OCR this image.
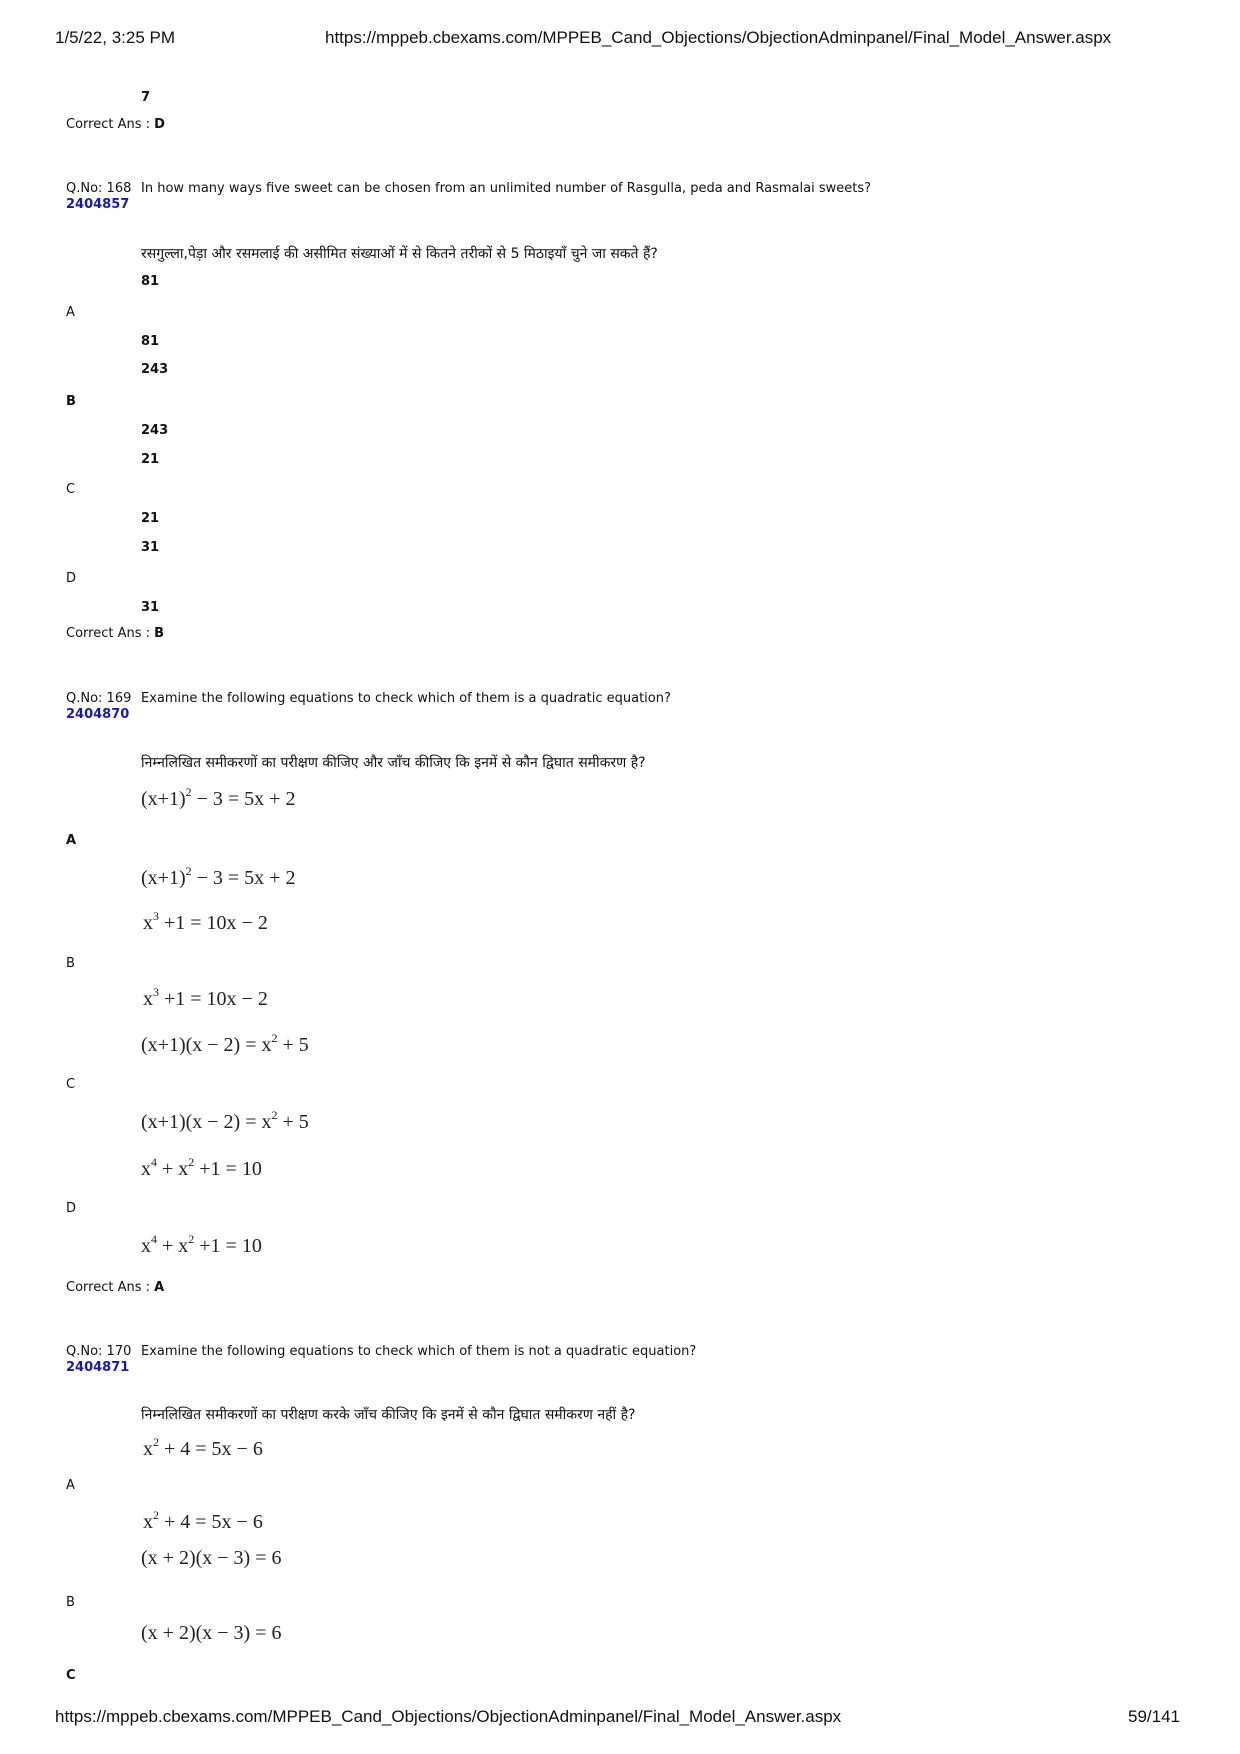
1/5/22, 3:25 PM	https://mppeb.cbexams.com/MPPEB_Cand_Objections/ObjectionAdminpanel/Final_Model_Answer.aspx
7
Correct Ans : D
Q.No: 168
2404857
In how many ways five sweet can be chosen from an unlimited number of Rasgulla, peda and Rasmalai sweets?
रसगुल्ला,पेड़ा और रसमलाई की असीमित संख्याओं में से कितने तरीकों से 5 मिठाइयाँ चुने जा सकते हैं?
81
A
81
243
B
243
21
C
21
31
D
31
Correct Ans : B
Q.No: 169
2404870
Examine the following equations to check which of them is a quadratic equation?
निम्नलिखित समीकरणों का परीक्षण कीजिए और जाँच कीजिए कि इनमें से कौन द्विघात समीकरण है?
$(x+1)^2 - 3 = 5x + 2$
A
$(x+1)^2 - 3 = 5x + 2$
$x^3 +1 = 10x - 2$
B
$x^3 +1 = 10x - 2$
$(x+1)(x - 2) = x^2 + 5$
C
$(x+1)(x - 2) = x^2 + 5$
$x^4 + x^2 +1 = 10$
D
$x^4 + x^2 +1 = 10$
Correct Ans : A
Q.No: 170
2404871
Examine the following equations to check which of them is not a quadratic equation?
निम्नलिखित समीकरणों का परीक्षण करके जाँच कीजिए कि इनमें से कौन द्विघात समीकरण नहीं है?
$x^2 + 4 = 5x - 6$
A
$x^2 + 4 = 5x - 6$
(x + 2)(x − 3) = 6
B
(x + 2)(x − 3) = 6
C
https://mppeb.cbexams.com/MPPEB_Cand_Objections/ObjectionAdminpanel/Final_Model_Answer.aspx	59/141
